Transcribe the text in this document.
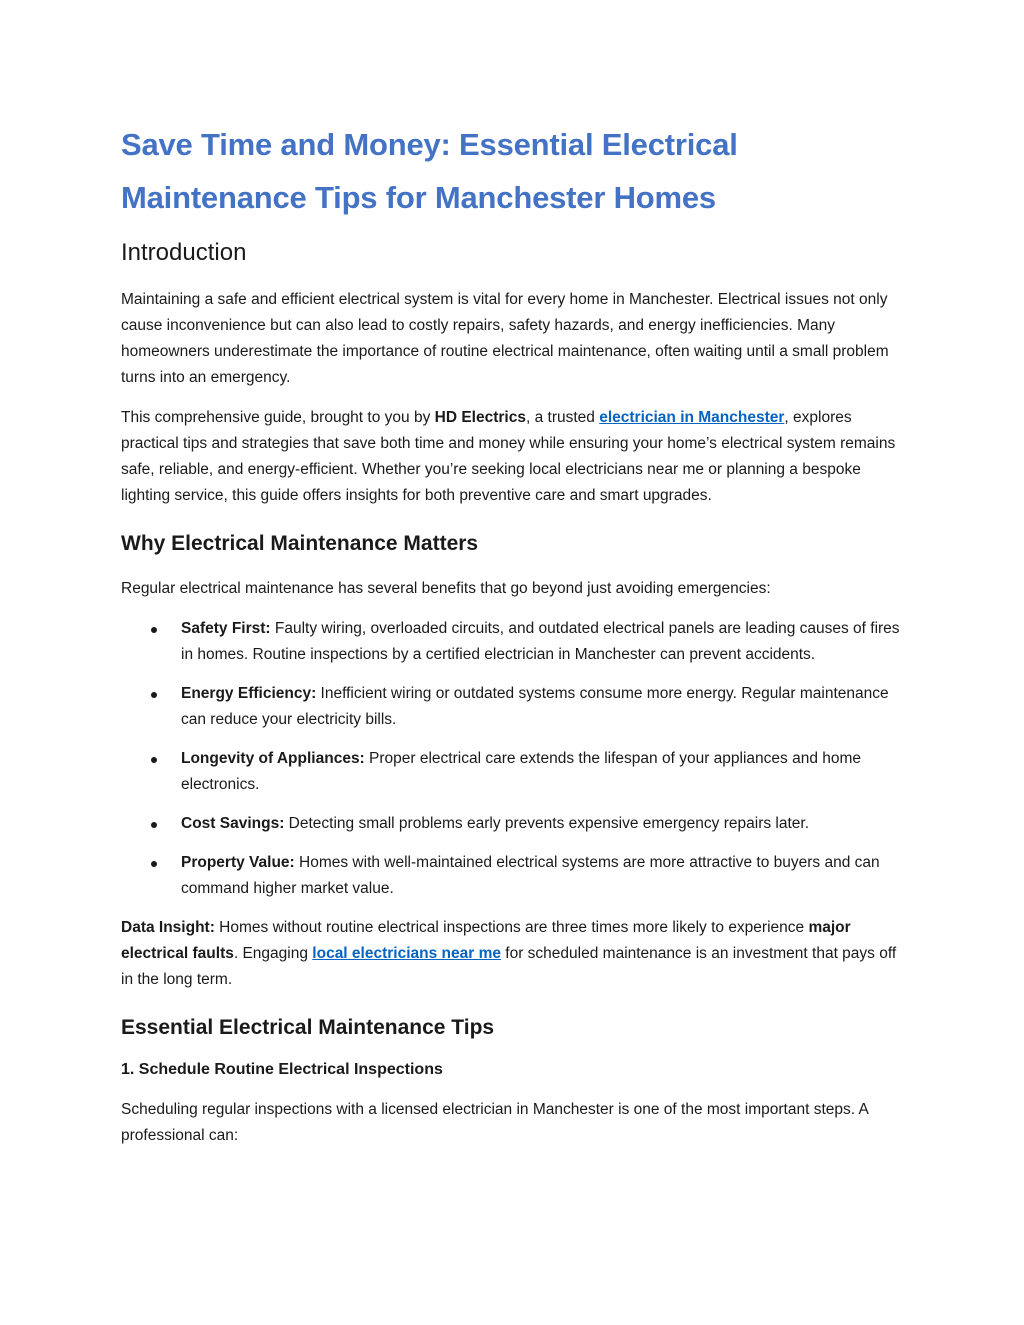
Save Time and Money: Essential Electrical Maintenance Tips for Manchester Homes
Introduction

Maintaining a safe and efficient electrical system is vital for every home in Manchester. Electrical issues not only cause inconvenience but can also lead to costly repairs, safety hazards, and energy inefficiencies. Many homeowners underestimate the importance of routine electrical maintenance, often waiting until a small problem turns into an emergency.

This comprehensive guide, brought to you by HD Electrics, a trusted electrician in Manchester, explores practical tips and strategies that save both time and money while ensuring your home’s electrical system remains safe, reliable, and energy-efficient. Whether you’re seeking local electricians near me or planning a bespoke lighting service, this guide offers insights for both preventive care and smart upgrades.

Why Electrical Maintenance Matters

Regular electrical maintenance has several benefits that go beyond just avoiding emergencies:

Safety First: Faulty wiring, overloaded circuits, and outdated electrical panels are leading causes of fires in homes. Routine inspections by a certified electrician in Manchester can prevent accidents.
Energy Efficiency: Inefficient wiring or outdated systems consume more energy. Regular maintenance can reduce your electricity bills.
Longevity of Appliances: Proper electrical care extends the lifespan of your appliances and home electronics.
Cost Savings: Detecting small problems early prevents expensive emergency repairs later.
Property Value: Homes with well-maintained electrical systems are more attractive to buyers and can command higher market value.

Data Insight: Homes without routine electrical inspections are three times more likely to experience major electrical faults. Engaging local electricians near me for scheduled maintenance is an investment that pays off in the long term.

Essential Electrical Maintenance Tips
1. Schedule Routine Electrical Inspections

Scheduling regular inspections with a licensed electrician in Manchester is one of the most important steps. A professional can:
